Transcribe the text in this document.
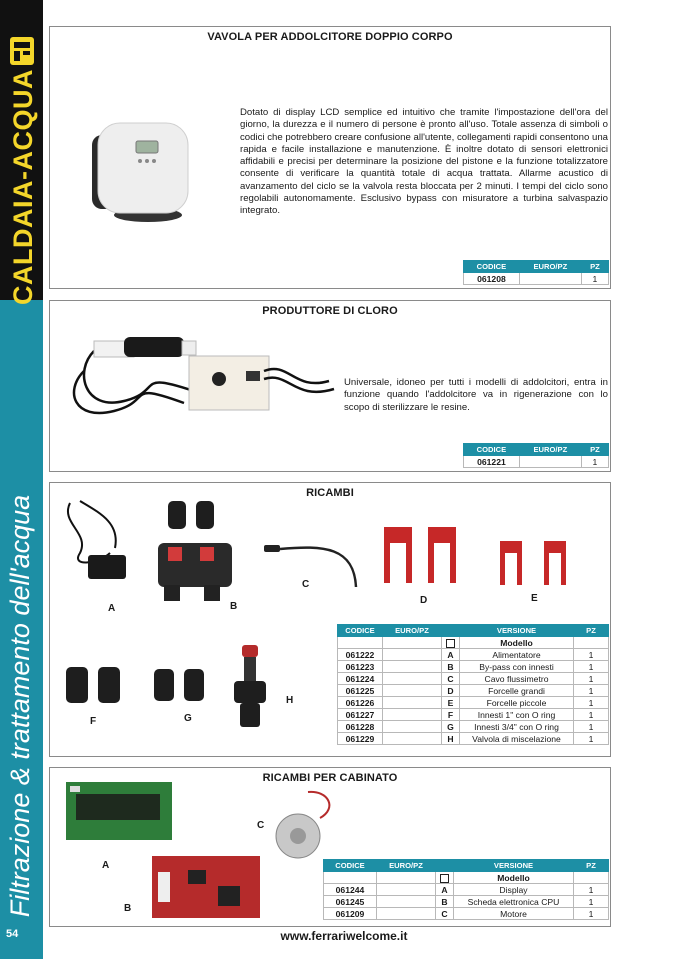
CALDAIA-ACQUA
Filtrazione & trattamento dell'acqua
54
VAVOLA PER ADDOLCITORE DOPPIO CORPO
Dotato di display LCD semplice ed intuitivo che tramite l'impostazione dell'ora del giorno, la durezza e il numero di persone è pronto all'uso. Totale assenza di simboli o codici che potrebbero creare confusione all'utente, collegamenti rapidi consentono una rapida e facile installazione e manutenzione. È inoltre dotato di sensori elettronici affidabili e precisi per determinare la posizione del pistone e la funzione totalizzatore consente di verificare la quantità totale di acqua trattata. Allarme acustico di avanzamento del ciclo se la valvola resta bloccata per 2 minuti. I tempi del ciclo sono regolabili autonomamente. Esclusivo bypass con misuratore a turbina salvaspazio integrato.
CODICE	EURO/PZ	PZ
061208		1
PRODUTTORE DI CLORO
Universale, idoneo per tutti i modelli di addolcitori, entra in funzione quando l'addolcitore va in rigenerazione con lo scopo di sterilizzare le resine.
CODICE	EURO/PZ	PZ
061221		1
RICAMBI
A	B
C
D	E
F	G
H
CODICE	EURO/PZ		VERSIONE	PZ
			Modello	
061222		A	Alimentatore	1
061223		B	By-pass con innesti	1
061224		C	Cavo flussimetro	1
061225		D	Forcelle grandi	1
061226		E	Forcelle piccole	1
061227		F	Innesti 1" con O ring	1
061228		G	Innesti 3/4" con O ring	1
061229		H	Valvola di miscelazione	1
RICAMBI PER CABINATO
A
B
C
CODICE	EURO/PZ		VERSIONE	PZ
			Modello	
061244		A	Display	1
061245		B	Scheda elettronica CPU	1
061209		C	Motore	1
www.ferrariwelcome.it
